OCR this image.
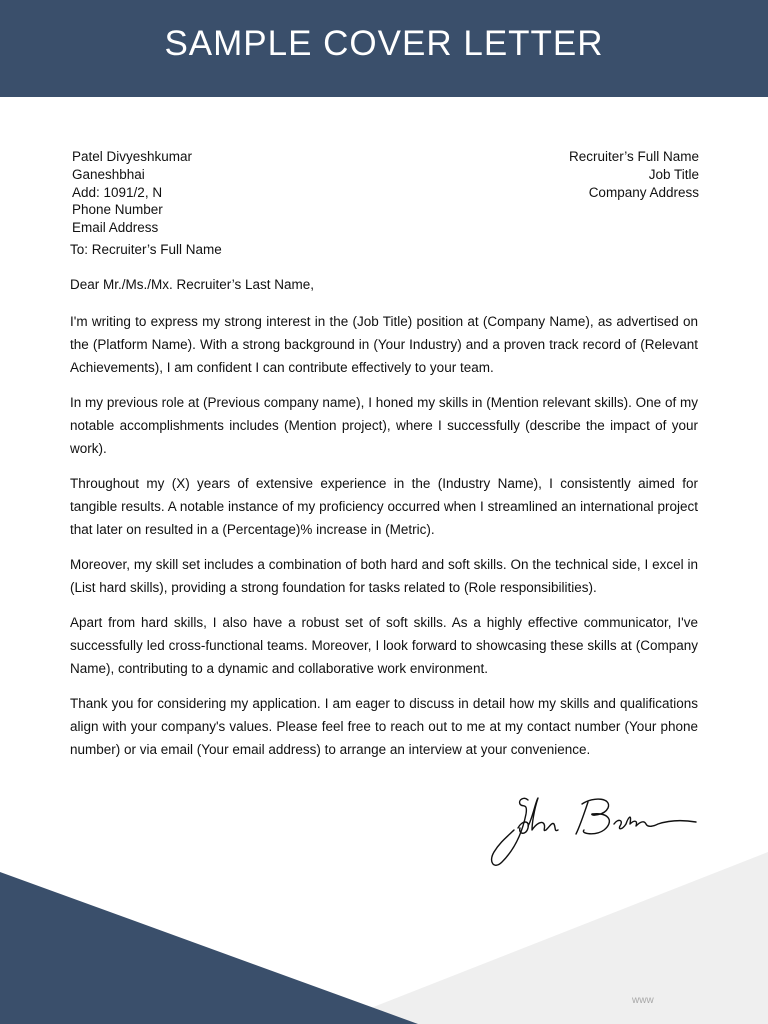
SAMPLE COVER LETTER
Patel Divyeshkumar
Ganeshbhai
Add: 1091/2, N
Phone Number
Email Address
Recruiter’s Full Name
Job Title
Company Address
To: Recruiter’s Full Name
Dear Mr./Ms./Mx. Recruiter’s Last Name,

I'm writing to express my strong interest in the (Job Title) position at (Company Name), as advertised on the (Platform Name). With a strong background in (Your Industry) and a proven track record of (Relevant Achievements), I am confident I can contribute effectively to your team.

In my previous role at (Previous company name), I honed my skills in (Mention relevant skills). One of my notable accomplishments includes (Mention project), where I successfully (describe the impact of your work).

Throughout my (X) years of extensive experience in the (Industry Name), I consistently aimed for tangible results. A notable instance of my proficiency occurred when I streamlined an international project that later on resulted in a (Percentage)% increase in (Metric).

Moreover, my skill set includes a combination of both hard and soft skills. On the technical side, I excel in (List hard skills), providing a strong foundation for tasks related to (Role responsibilities).

Apart from hard skills, I also have a robust set of soft skills. As a highly effective communicator, I've successfully led cross-functional teams. Moreover, I look forward to showcasing these skills at (Company Name), contributing to a dynamic and collaborative work environment.

Thank you for considering my application. I am eager to discuss in detail how my skills and qualifications align with your company's values. Please feel free to reach out to me at my contact number (Your phone number) or via email (Your email address) to arrange an interview at your convenience.

www
